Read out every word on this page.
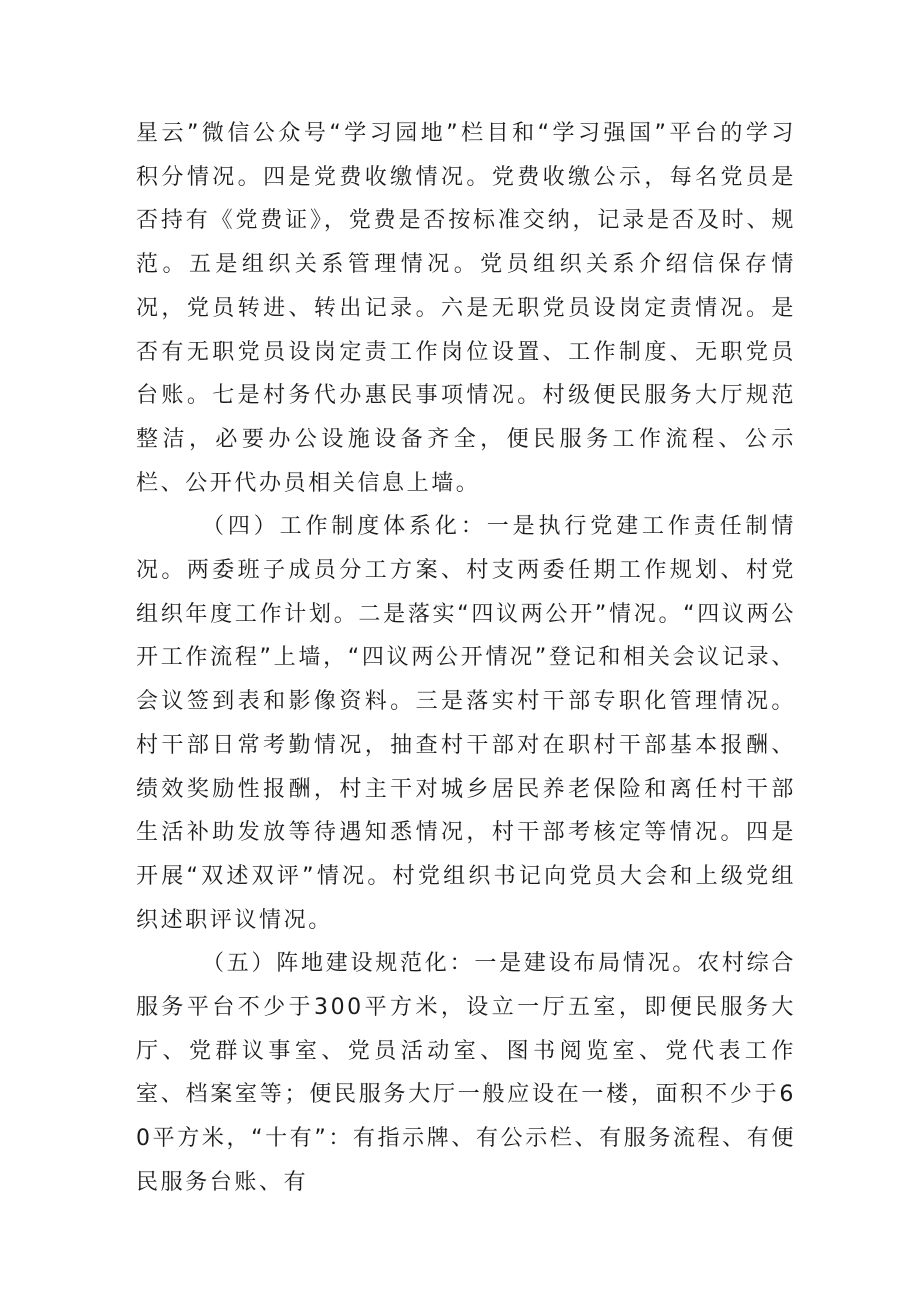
星云”微信公众号“学习园地”栏目和“学习强国”平台的学习积分情况。四是党费收缴情况。党费收缴公示，每名党员是否持有《党费证》，党费是否按标准交纳，记录是否及时、规范。五是组织关系管理情况。党员组织关系介绍信保存情况，党员转进、转出记录。六是无职党员设岗定责情况。是否有无职党员设岗定责工作岗位设置、工作制度、无职党员台账。七是村务代办惠民事项情况。村级便民服务大厅规范整洁，必要办公设施设备齐全，便民服务工作流程、公示栏、公开代办员相关信息上墙。

（四）工作制度体系化：一是执行党建工作责任制情况。两委班子成员分工方案、村支两委任期工作规划、村党组织年度工作计划。二是落实“四议两公开”情况。“四议两公开工作流程”上墙，“四议两公开情况”登记和相关会议记录、会议签到表和影像资料。三是落实村干部专职化管理情况。村干部日常考勤情况，抽查村干部对在职村干部基本报酬、绩效奖励性报酬，村主干对城乡居民养老保险和离任村干部生活补助发放等待遇知悉情况，村干部考核定等情况。四是开展“双述双评”情况。村党组织书记向党员大会和上级党组织述职评议情况。

（五）阵地建设规范化：一是建设布局情况。农村综合服务平台不少于300平方米，设立一厅五室，即便民服务大厅、党群议事室、党员活动室、图书阅览室、党代表工作室、档案室等；便民服务大厅一般应设在一楼，面积不少于60平方米，“十有”：有指示牌、有公示栏、有服务流程、有便民服务台账、有
